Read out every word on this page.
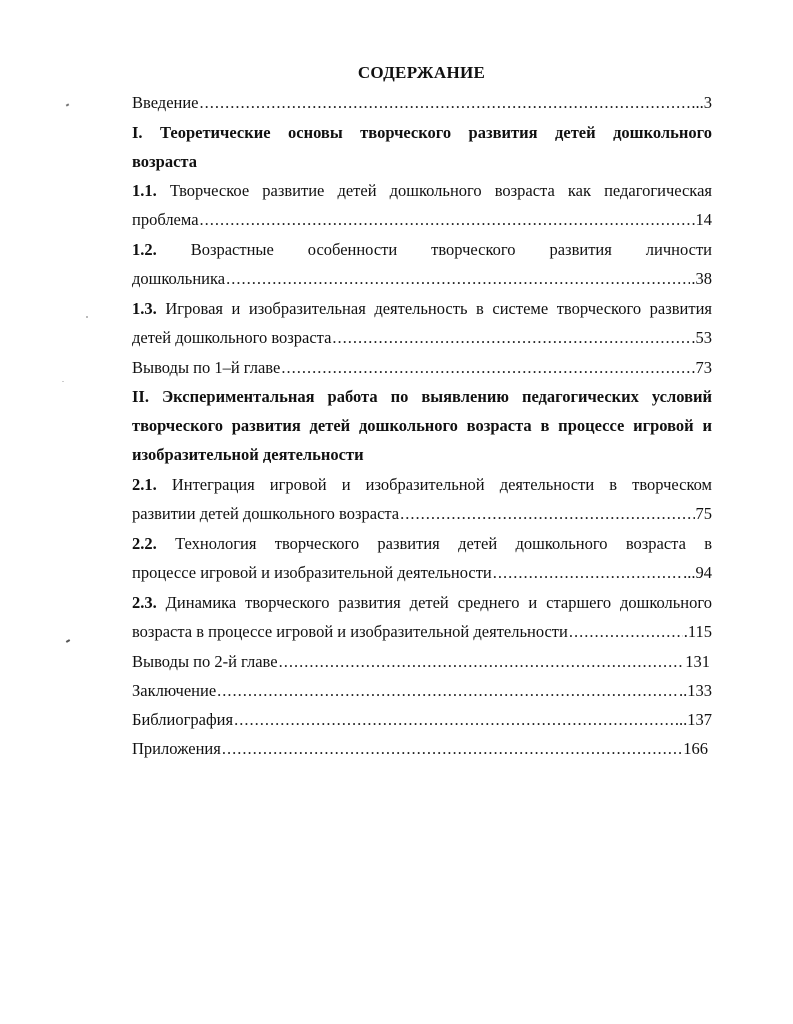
СОДЕРЖАНИЕ
Введение .....	...3
I. Теоретические основы творческого развития детей дошкольного
возраста
1.1. Творческое развитие детей дошкольного возраста как педагогическая
проблема .....	14
1.2. Возрастные особенности творческого развития личности
дошкольника .....	.38
1.3. Игровая и изобразительная деятельность в системе творческого развития
детей дошкольного возраста .....	.53
Выводы по 1–й главе .....	.73
II. Экспериментальная работа по выявлению педагогических условий
творческого развития детей дошкольного возраста в процессе игровой и
изобразительной деятельности
2.1. Интеграция игровой и изобразительной деятельности в творческом
развитии детей дошкольного возраста .....	75
2.2. Технология творческого развития детей дошкольного возраста в
процессе игровой и изобразительной деятельности .....	...94
2.3. Динамика творческого развития детей среднего и старшего дошкольного
возраста в процессе игровой и изобразительной деятельности .....	.115
Выводы по 2-й главе .....	131
Заключение .....	..133
Библиография .....	...137
Приложения .....	166
